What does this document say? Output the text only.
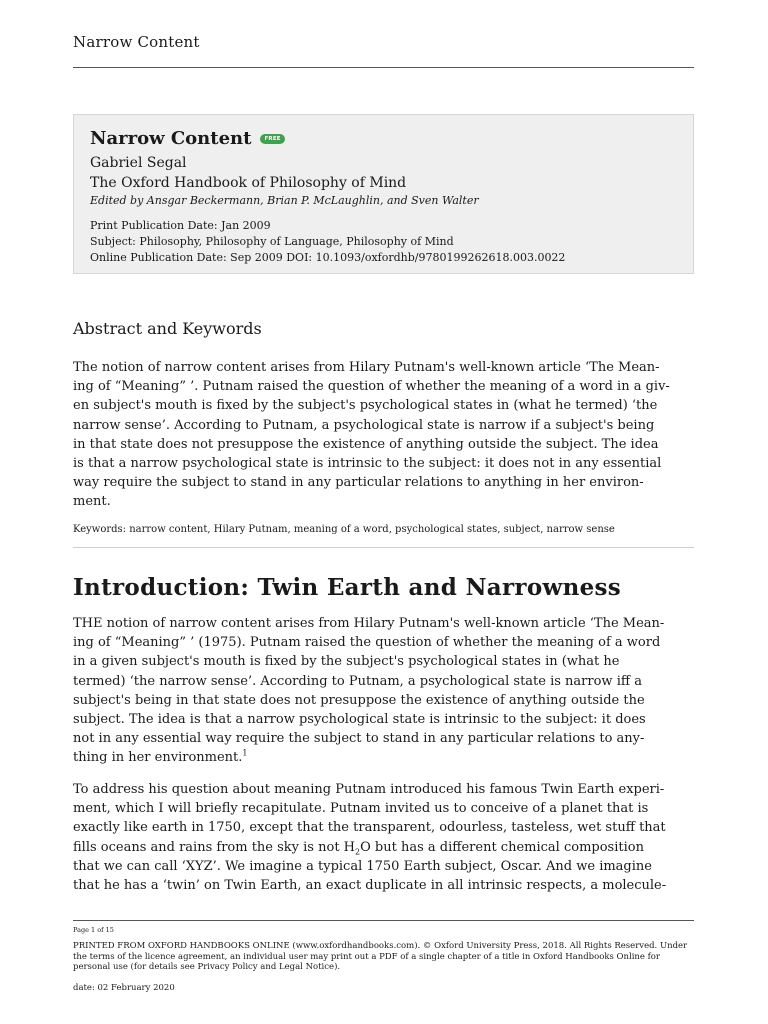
Narrow Content
Narrow Content	FREE
Gabriel Segal
The Oxford Handbook of Philosophy of Mind
Edited by Ansgar Beckermann, Brian P. McLaughlin, and Sven Walter
Print Publication Date: Jan 2009
Subject: Philosophy, Philosophy of Language, Philosophy of Mind
Online Publication Date: Sep 2009 DOI: 10.1093/oxfordhb/9780199262618.003.0022
Abstract and Keywords

The notion of narrow content arises from Hilary Putnam's well-known article ‘The Mean‐
ing of “Meaning” ’. Putnam raised the question of whether the meaning of a word in a giv‐
en subject's mouth is fixed by the subject's psychological states in (what he termed) ‘the
narrow sense’. According to Putnam, a psychological state is narrow if a subject's being
in that state does not presuppose the existence of anything outside the subject. The idea
is that a narrow psychological state is intrinsic to the subject: it does not in any essential
way require the subject to stand in any particular relations to anything in her environ‐
ment.

Keywords: narrow content, Hilary Putnam, meaning of a word, psychological states, subject, narrow sense
Introduction: Twin Earth and Narrowness

THE notion of narrow content arises from Hilary Putnam's well-known article ‘The Mean‐
ing of “Meaning” ’ (1975). Putnam raised the question of whether the meaning of a word
in a given subject's mouth is fixed by the subject's psychological states in (what he
termed) ‘the narrow sense’. According to Putnam, a psychological state is narrow iff a
subject's being in that state does not presuppose the existence of anything outside the
subject. The idea is that a narrow psychological state is intrinsic to the subject: it does
not in any essential way require the subject to stand in any particular relations to any‐
thing in her environment.$^1$

To address his question about meaning Putnam introduced his famous Twin Earth experi‐
ment, which I will briefly recapitulate. Putnam invited us to conceive of a planet that is
exactly like earth in 1750, except that the transparent, odourless, tasteless, wet stuff that
fills oceans and rains from the sky is not $H_2O$ but has a different chemical composition
that we can call ‘XYZ’. We imagine a typical 1750 Earth subject, Oscar. And we imagine
that he has a ‘twin’ on Twin Earth, an exact duplicate in all intrinsic respects, a molecule‐

Page 1 of 15
PRINTED FROM OXFORD HANDBOOKS ONLINE (www.oxfordhandbooks.com). © Oxford University Press, 2018. All Rights Reserved. Under the terms of the licence agreement, an individual user may print out a PDF of a single chapter of a title in Oxford Handbooks Online for personal use (for details see Privacy Policy and Legal Notice).
date: 02 February 2020
